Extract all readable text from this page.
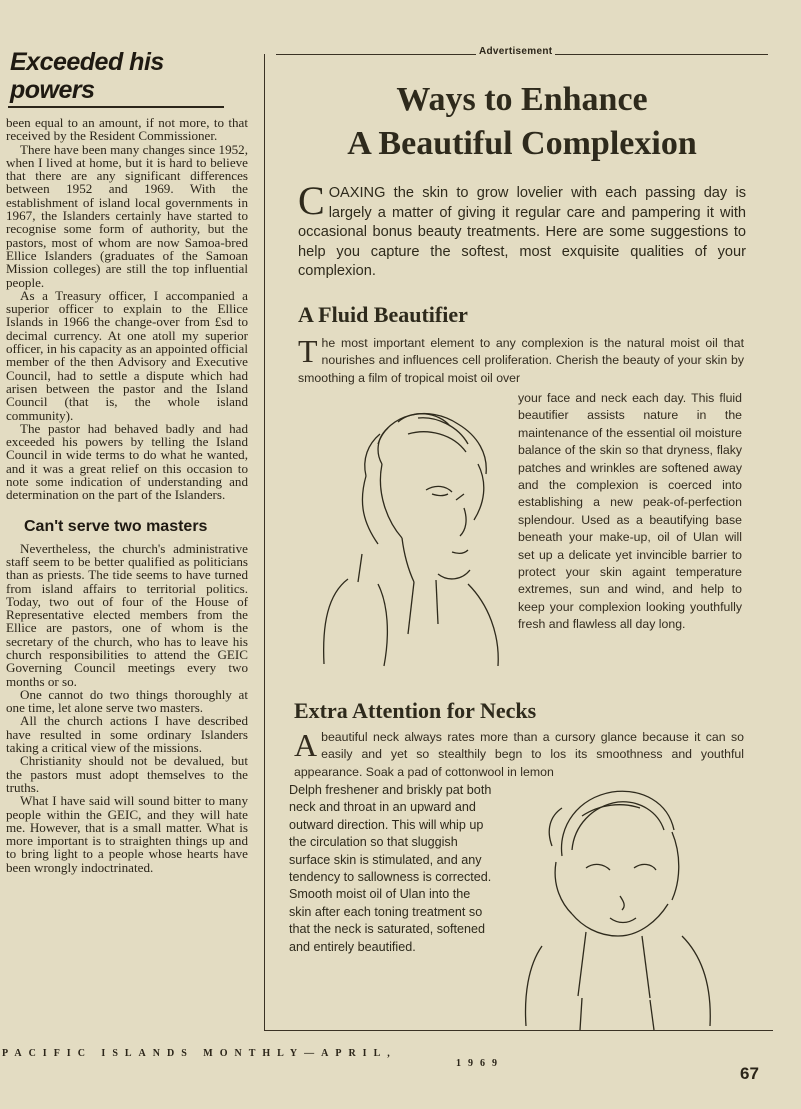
Exceeded his powers

been equal to an amount, if not more, to that received by the Resident Commissioner.

There have been many changes since 1952, when I lived at home, but it is hard to believe that there are any significant differences between 1952 and 1969. With the establishment of island local governments in 1967, the Islanders certainly have started to recognise some form of authority, but the pastors, most of whom are now Samoa-bred Ellice Islanders (graduates of the Samoan Mission colleges) are still the top influential people.

As a Treasury officer, I accompanied a superior officer to explain to the Ellice Islands in 1966 the change-over from £sd to decimal currency. At one atoll my superior officer, in his capacity as an appointed official member of the then Advisory and Executive Council, had to settle a dispute which had arisen between the pastor and the Island Council (that is, the whole island community).

The pastor had behaved badly and had exceeded his powers by telling the Island Council in wide terms to do what he wanted, and it was a great relief on this occasion to note some indication of understanding and determination on the part of the Islanders.

Can't serve two masters

Nevertheless, the church's administrative staff seem to be better qualified as politicians than as priests. The tide seems to have turned from island affairs to territorial politics. Today, two out of four of the House of Representative elected members from the Ellice are pastors, one of whom is the secretary of the church, who has to leave his church responsibilities to attend the GEIC Governing Council meetings every two months or so.

One cannot do two things thoroughly at one time, let alone serve two masters.

All the church actions I have described have resulted in some ordinary Islanders taking a critical view of the missions.

Christianity should not be devalued, but the pastors must adopt themselves to the truths.

What I have said will sound bitter to many people within the GEIC, and they will hate me. However, that is a small matter. What is more important is to straighten things up and to bring light to a people whose hearts have been wrongly indoctrinated.

Advertisement
Ways to Enhance
A Beautiful Complexion
COAXING the skin to grow lovelier with each passing day is largely a matter of giving it regular care and pampering it with occasional bonus beauty treatments. Here are some suggestions to help you capture the softest, most exquisite qualities of your complexion.
A Fluid Beautifier
The most important element to any complexion is the natural moist oil that nourishes and influences cell proliferation. Cherish the beauty of your skin by smoothing a film of tropical moist oil over
your face and neck each day. This fluid beautifier assists nature in the maintenance of the essential oil moisture balance of the skin so that dryness, flaky patches and wrinkles are softened away and the complexion is coerced into establishing a new peak-of-perfection splendour. Used as a beautifying base beneath your make-up, oil of Ulan will set up a delicate yet invincible barrier to protect your skin againt temperature extremes, sun and wind, and help to keep your complexion looking youthfully fresh and flawless all day long.
Extra Attention for Necks
Abeautiful neck always rates more than a cursory glance because it can so easily and yet so stealthily begn to los its smoothness and youthful appearance. Soak a pad of cottonwool in lemon
Delph freshener and briskly pat both neck and throat in an upward and outward direction. This will whip up the circulation so that sluggish surface skin is stimulated, and any tendency to sallowness is corrected. Smooth moist oil of Ulan into the skin after each toning treatment so that the neck is saturated, softened and entirely beautified.
PACIFIC ISLANDS MONTHLY—APRIL,
1969
67
